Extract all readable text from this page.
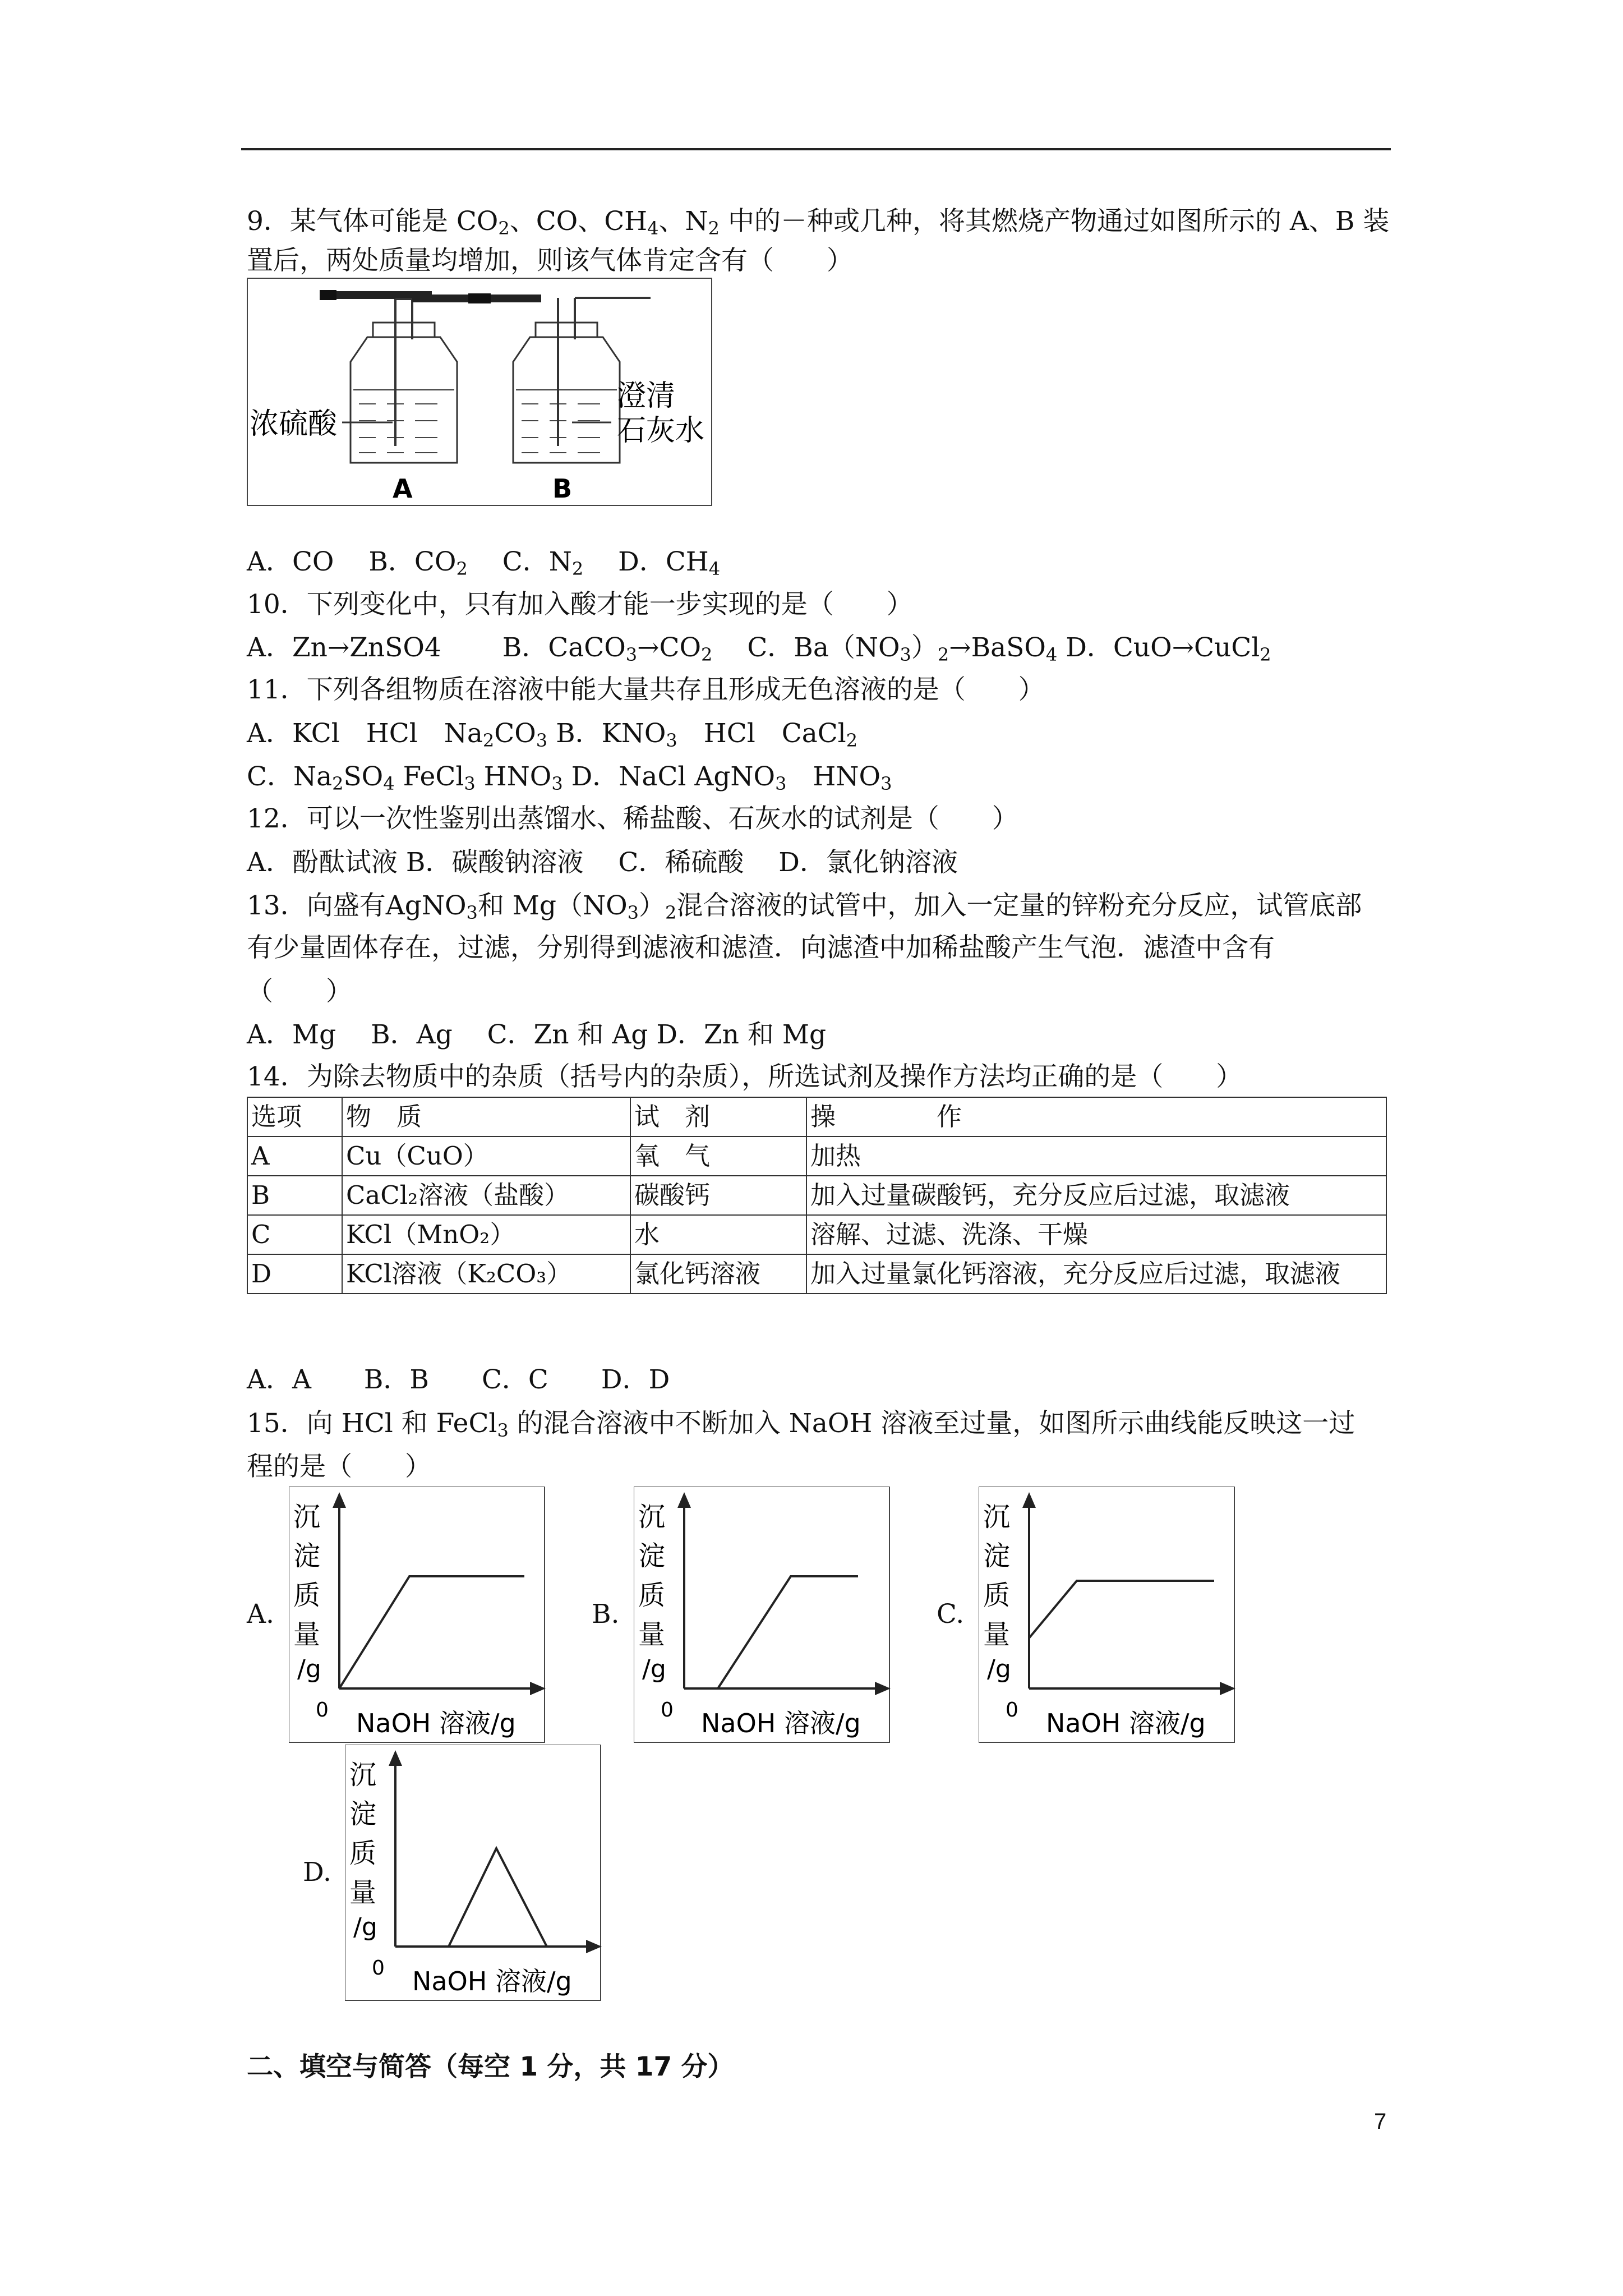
9．某气体可能是 $CO_2$、CO、$CH_4$、$N_2$ 中的－种或几种，将其燃烧产物通过如图所示的 A、B 装
置后，两处质量均增加，则该气体肯定含有（　　）
浓硫酸
澄清
石灰水
A	B
A．CO　 B．$CO_2$　 C．$N_2$　 D．$CH_4$
10．下列变化中，只有加入酸才能一步实现的是（　　）
A．Zn→ZnSO4　　 B．$CaCO_3\to CO_2$　 C．$Ba(NO_3)_2\to BaSO_4$ D．CuO→CuCl$_2$
11．下列各组物质在溶液中能大量共存且形成无色溶液的是（　　）
A．KCl　HCl　$Na_2CO_3$ B．$KNO_3$　HCl　CaCl$_2$
C．$Na_2SO_4$ FeCl$_3$ $HNO_3$ D．NaCl AgNO$_3$　$HNO_3$
12．可以一次性鉴别出蒸馏水、稀盐酸、石灰水的试剂是（　　）
A．酚酞试液 B．碳酸钠溶液　 C．稀硫酸　 D．氯化钠溶液
13．向盛有AgNO$_3$和 $Mg(NO_3)_2$混合溶液的试管中，加入一定量的锌粉充分反应，试管底部
有少量固体存在，过滤，分别得到滤液和滤渣．向滤渣中加稀盐酸产生气泡．滤渣中含有
（　　）
A．Mg　 B．Ag　 C．Zn 和 Ag D．Zn 和 Mg
14．为除去物质中的杂质（括号内的杂质），所选试剂及操作方法均正确的是（　　）
选项	物　质	试　剂	操　　　　作
A	Cu（CuO）	氧　气	加热
B	CaCl₂溶液（盐酸）	碳酸钙	加入过量碳酸钙，充分反应后过滤，取滤液
C	KCl（MnO₂）	水	溶解、过滤、洗涤、干燥
D	KCl溶液（K₂CO₃）	氯化钙溶液	加入过量氯化钙溶液，充分反应后过滤，取滤液
A．A　　B．B　　C．C　　D．D
15．向 HCl 和 FeCl$_3$ 的混合溶液中不断加入 NaOH 溶液至过量，如图所示曲线能反映这一过
程的是（　　）
A.	B.	C.
D.
沉
淀
质
量
/g
0 NaOH 溶液/g
沉
淀
质
量
/g
0 NaOH 溶液/g
沉
淀
质
量
/g
0 NaOH 溶液/g
沉
淀
质
量
/g
0 NaOH 溶液/g
二、填空与简答（每空 1 分，共 17 分）
7
